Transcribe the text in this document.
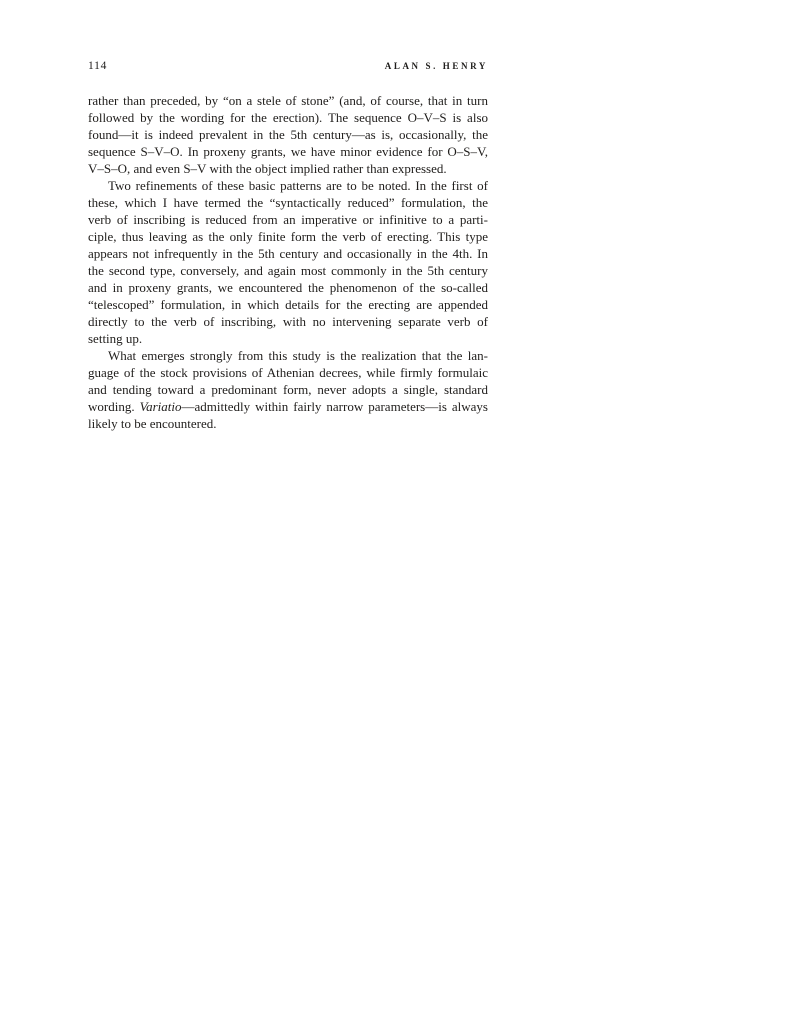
114	ALAN S. HENRY
rather than preceded, by “on a stele of stone” (and, of course, that in turn
followed by the wording for the erection). The sequence O–V–S is also
found—it is indeed prevalent in the 5th century—as is, occasionally, the
sequence S–V–O. In proxeny grants, we have minor evidence for O–S–V,
V–S–O, and even S–V with the object implied rather than expressed.
Two refinements of these basic patterns are to be noted. In the first of
these, which I have termed the “syntactically reduced” formulation, the
verb of inscribing is reduced from an imperative or infinitive to a parti-
ciple, thus leaving as the only finite form the verb of erecting. This type
appears not infrequently in the 5th century and occasionally in the 4th. In
the second type, conversely, and again most commonly in the 5th century
and in proxeny grants, we encountered the phenomenon of the so-called
“telescoped” formulation, in which details for the erecting are appended
directly to the verb of inscribing, with no intervening separate verb of
setting up.
What emerges strongly from this study is the realization that the lan-
guage of the stock provisions of Athenian decrees, while firmly formulaic
and tending toward a predominant form, never adopts a single, standard
wording. Variatio—admittedly within fairly narrow parameters—is always
likely to be encountered.
